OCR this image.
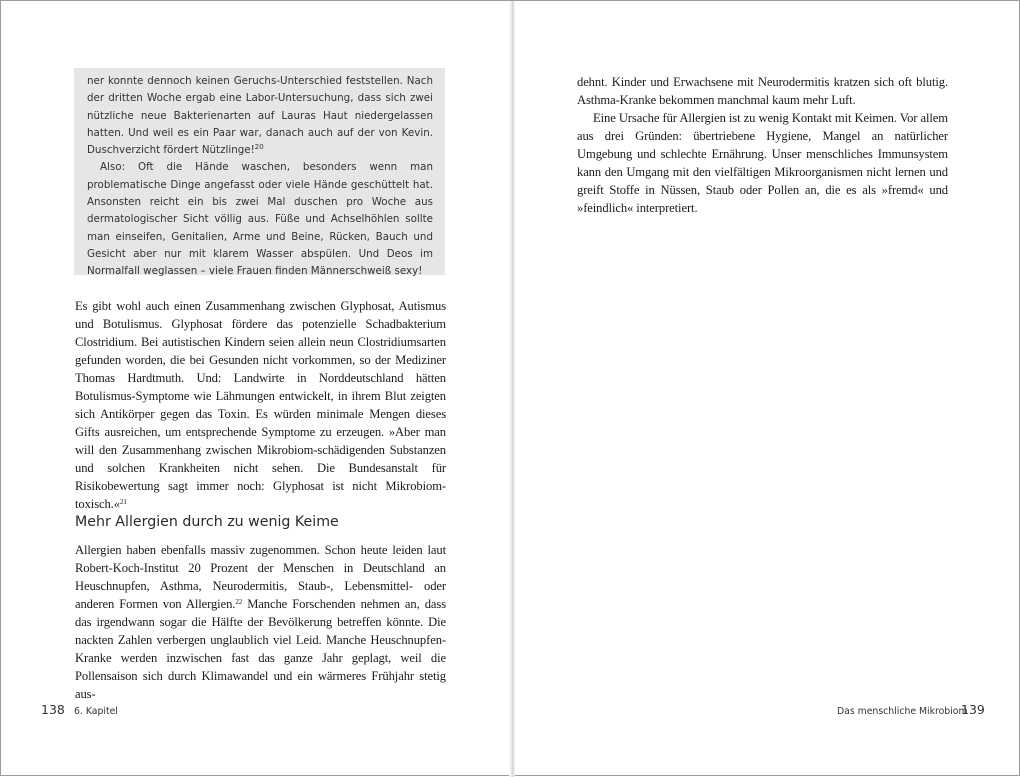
ner konnte dennoch keinen Geruchs-Unterschied feststellen. Nach der dritten Woche ergab eine Labor-Untersuchung, dass sich zwei nützliche neue Bakterienarten auf Lauras Haut niedergelassen hatten. Und weil es ein Paar war, danach auch auf der von Kevin. Duschverzicht fördert Nützlinge!$^{20}$

Also: Oft die Hände waschen, besonders wenn man problematische Dinge angefasst oder viele Hände geschüttelt hat. Ansonsten reicht ein bis zwei Mal duschen pro Woche aus dermatologischer Sicht völlig aus. Füße und Achselhöhlen sollte man einseifen, Genitalien, Arme und Beine, Rücken, Bauch und Gesicht aber nur mit klarem Wasser abspülen. Und Deos im Normalfall weglassen – viele Frauen finden Männerschweiß sexy!

Es gibt wohl auch einen Zusammenhang zwischen Glyphosat, Autismus und Botulismus. Glyphosat fördere das potenzielle Schadbakterium Clostridium. Bei autistischen Kindern seien allein neun Clostridiumsarten gefunden worden, die bei Gesunden nicht vorkommen, so der Mediziner Thomas Hardtmuth. Und: Landwirte in Norddeutschland hätten Botulismus-Symptome wie Lähmungen entwickelt, in ihrem Blut zeigten sich Antikörper gegen das Toxin. Es würden minimale Mengen dieses Gifts ausreichen, um entsprechende Symptome zu erzeugen. »Aber man will den Zusammenhang zwischen Mikrobiom-schädigenden Substanzen und solchen Krankheiten nicht sehen. Die Bundesanstalt für Risikobewertung sagt immer noch: Glyphosat ist nicht Mikrobiom-toxisch.«$^{21}$

Mehr Allergien durch zu wenig Keime

Allergien haben ebenfalls massiv zugenommen. Schon heute leiden laut Robert-Koch-Institut 20 Prozent der Menschen in Deutschland an Heuschnupfen, Asthma, Neurodermitis, Staub-, Lebensmittel- oder anderen Formen von Allergien.$^{22}$ Manche Forschenden nehmen an, dass das irgendwann sogar die Hälfte der Bevölkerung betreffen könnte. Die nackten Zahlen verbergen unglaublich viel Leid. Manche Heuschnupfen-Kranke werden inzwischen fast das ganze Jahr geplagt, weil die Pollensaison sich durch Klimawandel und ein wärmeres Frühjahr stetig aus-

138 6. Kapitel

dehnt. Kinder und Erwachsene mit Neurodermitis kratzen sich oft blutig. Asthma-Kranke bekommen manchmal kaum mehr Luft.

Eine Ursache für Allergien ist zu wenig Kontakt mit Keimen. Vor allem aus drei Gründen: übertriebene Hygiene, Mangel an natürlicher Umgebung und schlechte Ernährung. Unser menschliches Immunsystem kann den Umgang mit den vielfältigen Mikroorganismen nicht lernen und greift Stoffe in Nüssen, Staub oder Pollen an, die es als »fremd« und »feindlich« interpretiert.

Das menschliche Mikrobiom
139
